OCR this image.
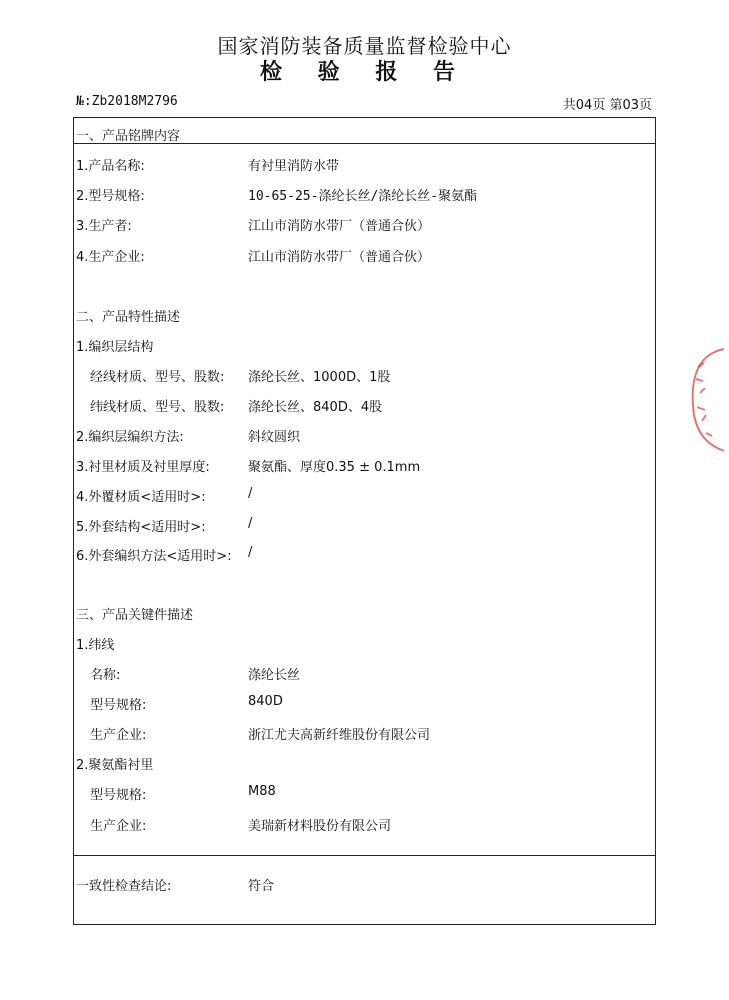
国家消防装备质量监督检验中心
检 验 报 告
№:Zb2018M2796	共04页 第03页
一、产品铭牌内容
1.产品名称:	有衬里消防水带
2.型号规格:	10-65-25-涤纶长丝/涤纶长丝-聚氨酯
3.生产者:	江山市消防水带厂（普通合伙）
4.生产企业:	江山市消防水带厂（普通合伙）
二、产品特性描述
1.编织层结构
经线材质、型号、股数: 涤纶长丝、1000D、1股
纬线材质、型号、股数: 涤纶长丝、840D、4股
2.编织层编织方法:	斜纹圆织
3.衬里材质及衬里厚度:	聚氨酯、厚度0.35 ± 0.1mm
4.外覆材质<适用时>:	/
5.外套结构<适用时>:	/
6.外套编织方法<适用时>: /
三、产品关键件描述
1.纬线
名称:	涤纶长丝
型号规格:	840D
生产企业:	浙江尤夫高新纤维股份有限公司
2.聚氨酯衬里
型号规格:	M88
生产企业:	美瑞新材料股份有限公司
一致性检查结论:	符合
